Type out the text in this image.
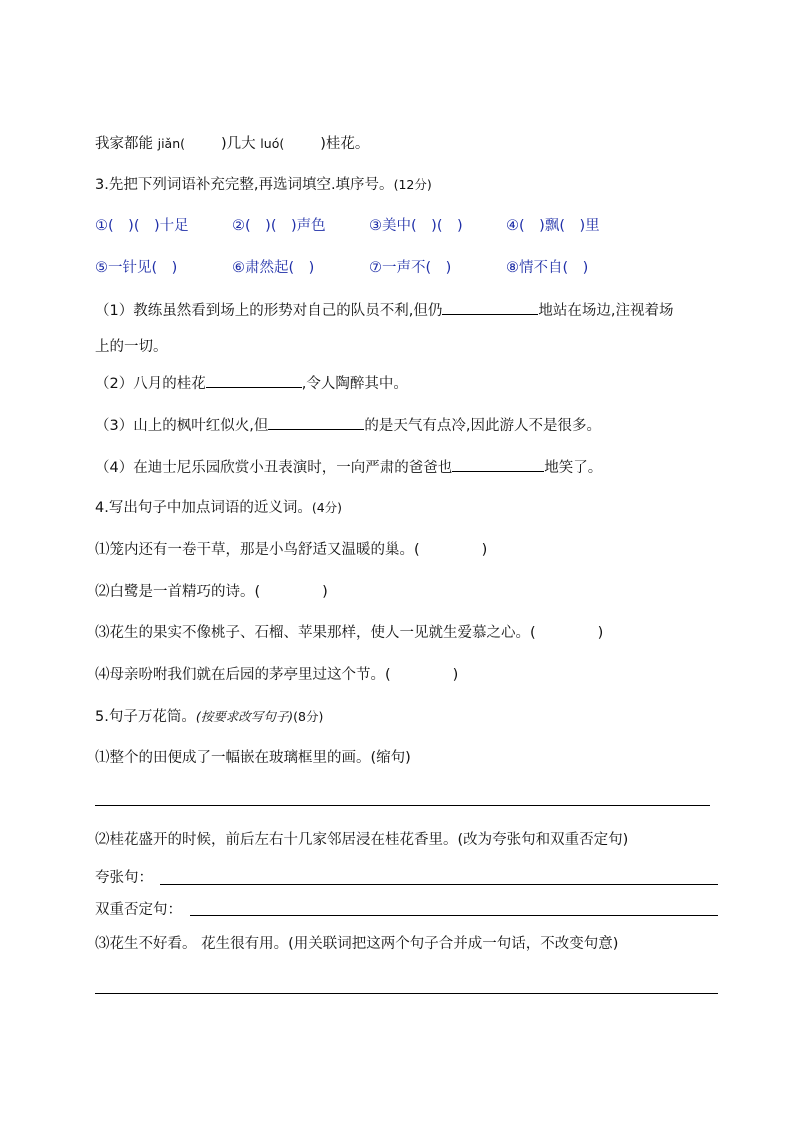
我家都能 jiǎn( )几大 luó( )桂花。
3.先把下列词语补充完整,再选词填空.填序号。(12分)
①(　)(　)十足	②(　)(　)声色	③美中(　)(　)	④(　)飘(　)里
⑤一针见(　)	⑥肃然起(　)	⑦一声不(　)	⑧情不自(　)
（1）教练虽然看到场上的形势对自己的队员不利,但仍	地站在场边,注视着场
上的一切。
（2）八月的桂花	,令人陶醉其中。
（3）山上的枫叶红似火,但	的是天气有点冷,因此游人不是很多。
（4）在迪士尼乐园欣赏小丑表演时，一向严肃的爸爸也	地笑了。
4.写出句子中加点词语的近义词。(4分)
⑴笼内还有一卷干草，那是小鸟舒适又温暖的巢。(	)
⑵白鹭是一首精巧的诗。(	)
⑶花生的果实不像桃子、石榴、苹果那样，使人一见就生爱慕之心。(	)
⑷母亲吩咐我们就在后园的茅亭里过这个节。(	)
5.句子万花筒。(按要求改写句子)(8分)
⑴整个的田便成了一幅嵌在玻璃框里的画。(缩句)
⑵桂花盛开的时候，前后左右十几家邻居浸在桂花香里。(改为夸张句和双重否定句)
夸张句：
双重否定句：
⑶花生不好看。 花生很有用。(用关联词把这两个句子合并成一句话，不改变句意)
